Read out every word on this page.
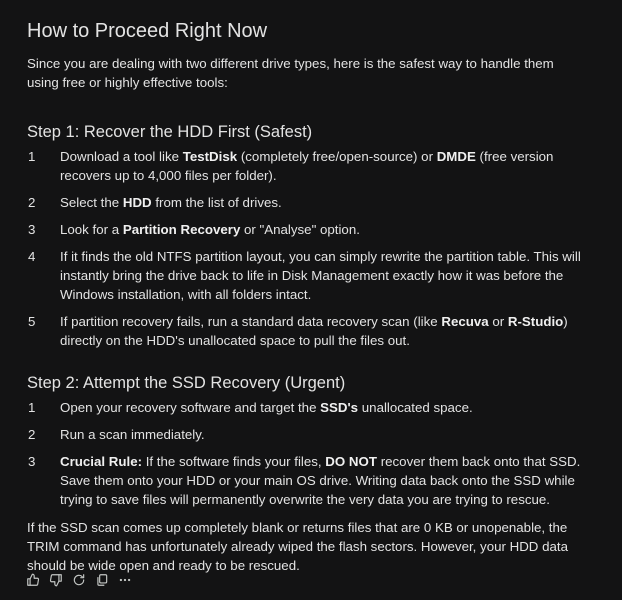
How to Proceed Right Now

Since you are dealing with two different drive types, here is the safest way to handle them using free or highly effective tools:

Step 1: Recover the HDD First (Safest)
1	Download a tool like TestDisk (completely free/open-source) or DMDE (free version recovers up to 4,000 files per folder).
2	Select the HDD from the list of drives.
3	Look for a Partition Recovery or "Analyse" option.
4	If it finds the old NTFS partition layout, you can simply rewrite the partition table. This will instantly bring the drive back to life in Disk Management exactly how it was before the Windows installation, with all folders intact.
5	If partition recovery fails, run a standard data recovery scan (like Recuva or R-Studio) directly on the HDD's unallocated space to pull the files out.
Step 2: Attempt the SSD Recovery (Urgent)
1	Open your recovery software and target the SSD's unallocated space.
2	Run a scan immediately.
3	Crucial Rule: If the software finds your files, DO NOT recover them back onto that SSD. Save them onto your HDD or your main OS drive. Writing data back onto the SSD while trying to save files will permanently overwrite the very data you are trying to rescue.

If the SSD scan comes up completely blank or returns files that are 0 KB or unopenable, the TRIM command has unfortunately already wiped the flash sectors. However, your HDD data should be wide open and ready to be rescued.
